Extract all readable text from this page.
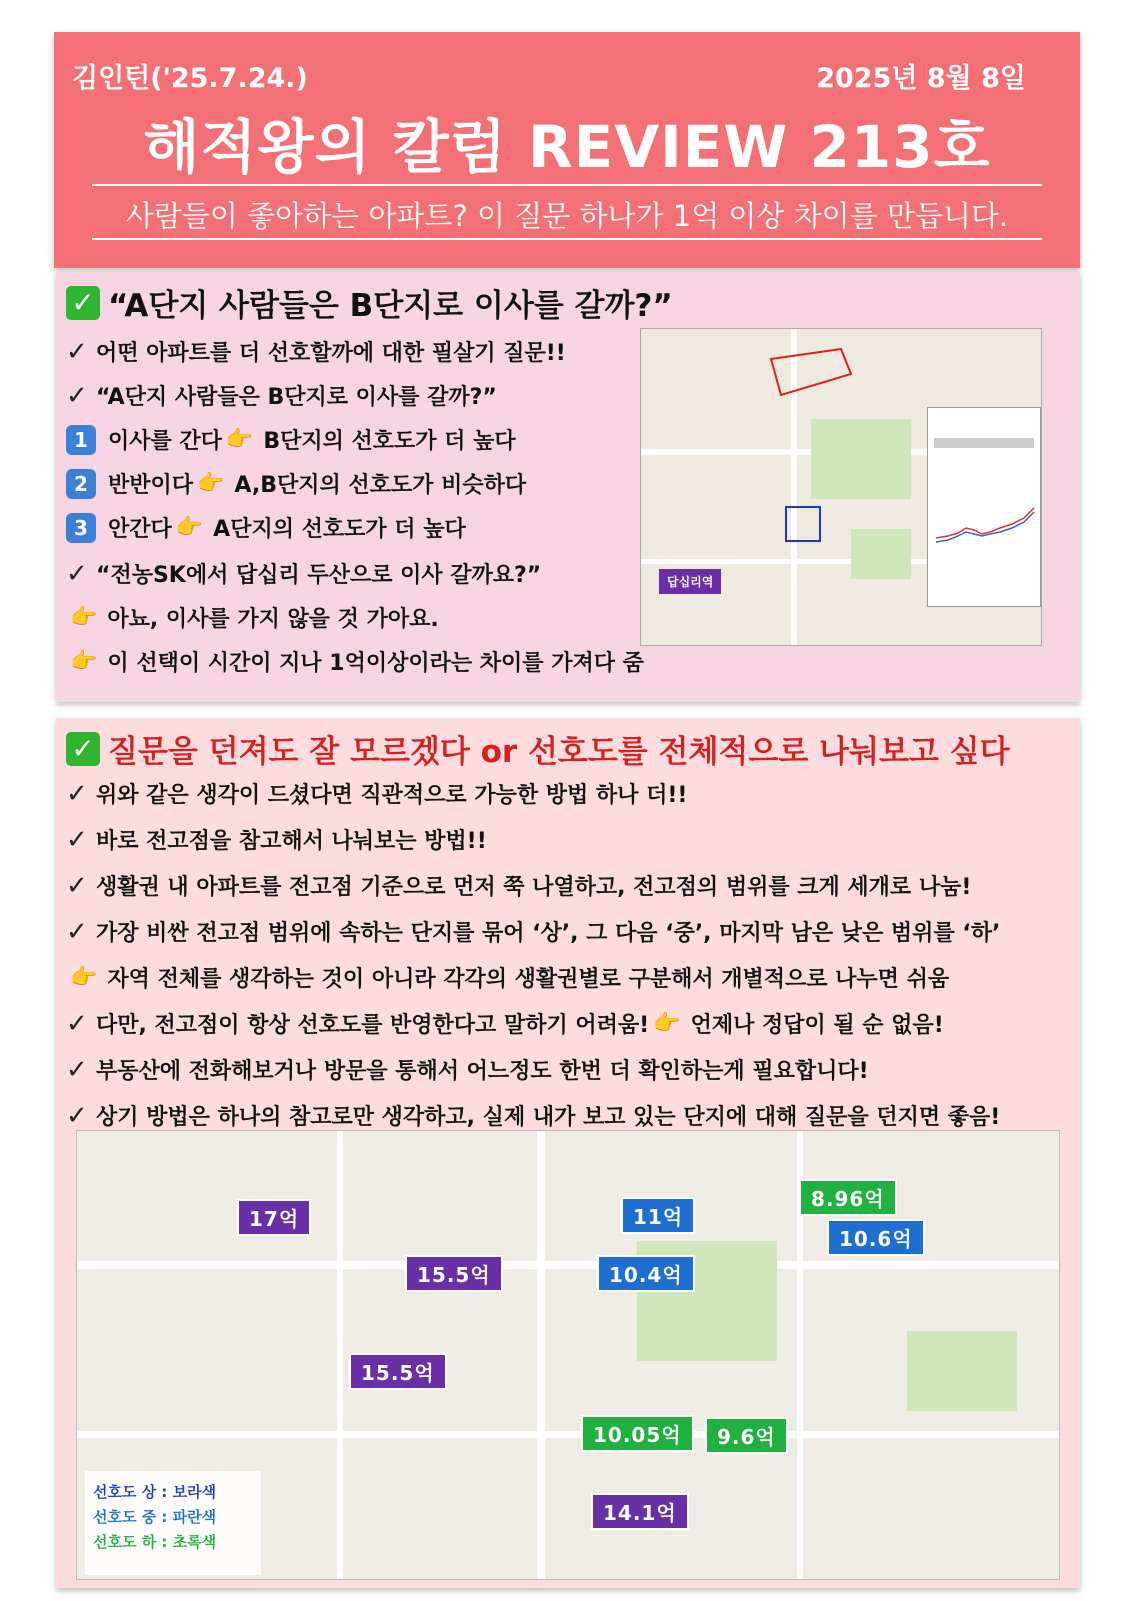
김인턴('25.7.24.)	2025년 8월 8일
해적왕의 칼럼 REVIEW 213호
사람들이 좋아하는 아파트? 이 질문 하나가 1억 이상 차이를 만듭니다.
✓ “A단지 사람들은 B단지로 이사를 갈까?”
✓ 어떤 아파트를 더 선호할까에 대한 필살기 질문!!
✓ “A단지 사람들은 B단지로 이사를 갈까?”
1 이사를 간다 👉 B단지의 선호도가 더 높다
2 반반이다 👉 A,B단지의 선호도가 비슷하다
3 안간다 👉 A단지의 선호도가 더 높다
✓ “전농SK에서 답십리 두산으로 이사 갈까요?”
👉 아뇨, 이사를 가지 않을 것 가아요.
👉 이 선택이 시간이 지나 1억이상이라는 차이를 가져다 줌
답십리역
✓ 질문을 던져도 잘 모르겠다 or 선호도를 전체적으로 나눠보고 싶다
✓ 위와 같은 생각이 드셨다면 직관적으로 가능한 방법 하나 더!!
✓ 바로 전고점을 참고해서 나눠보는 방법!!
✓ 생활권 내 아파트를 전고점 기준으로 먼저 쭉 나열하고, 전고점의 범위를 크게 세개로 나눔!
✓ 가장 비싼 전고점 범위에 속하는 단지를 묶어 ‘상’, 그 다음 ‘중’, 마지막 남은 낮은 범위를 ‘하’
👉 자역 전체를 생각하는 것이 아니라 각각의 생활권별로 구분해서 개별적으로 나누면 쉬움
✓ 다만, 전고점이 항상 선호도를 반영한다고 말하기 어려움! 👉 언제나 정답이 될 순 없음!
✓ 부동산에 전화해보거나 방문을 통해서 어느정도 한번 더 확인하는게 필요합니다!
✓ 상기 방법은 하나의 참고로만 생각하고, 실제 내가 보고 있는 단지에 대해 질문을 던지면 좋음!
17억
15.5억
15.5억
14.1억
11억
10.4억
10.6억
8.96억
10.05억	9.6억
선호도 상 : 보라색
선호도 중 : 파란색
선호도 하 : 초록색
